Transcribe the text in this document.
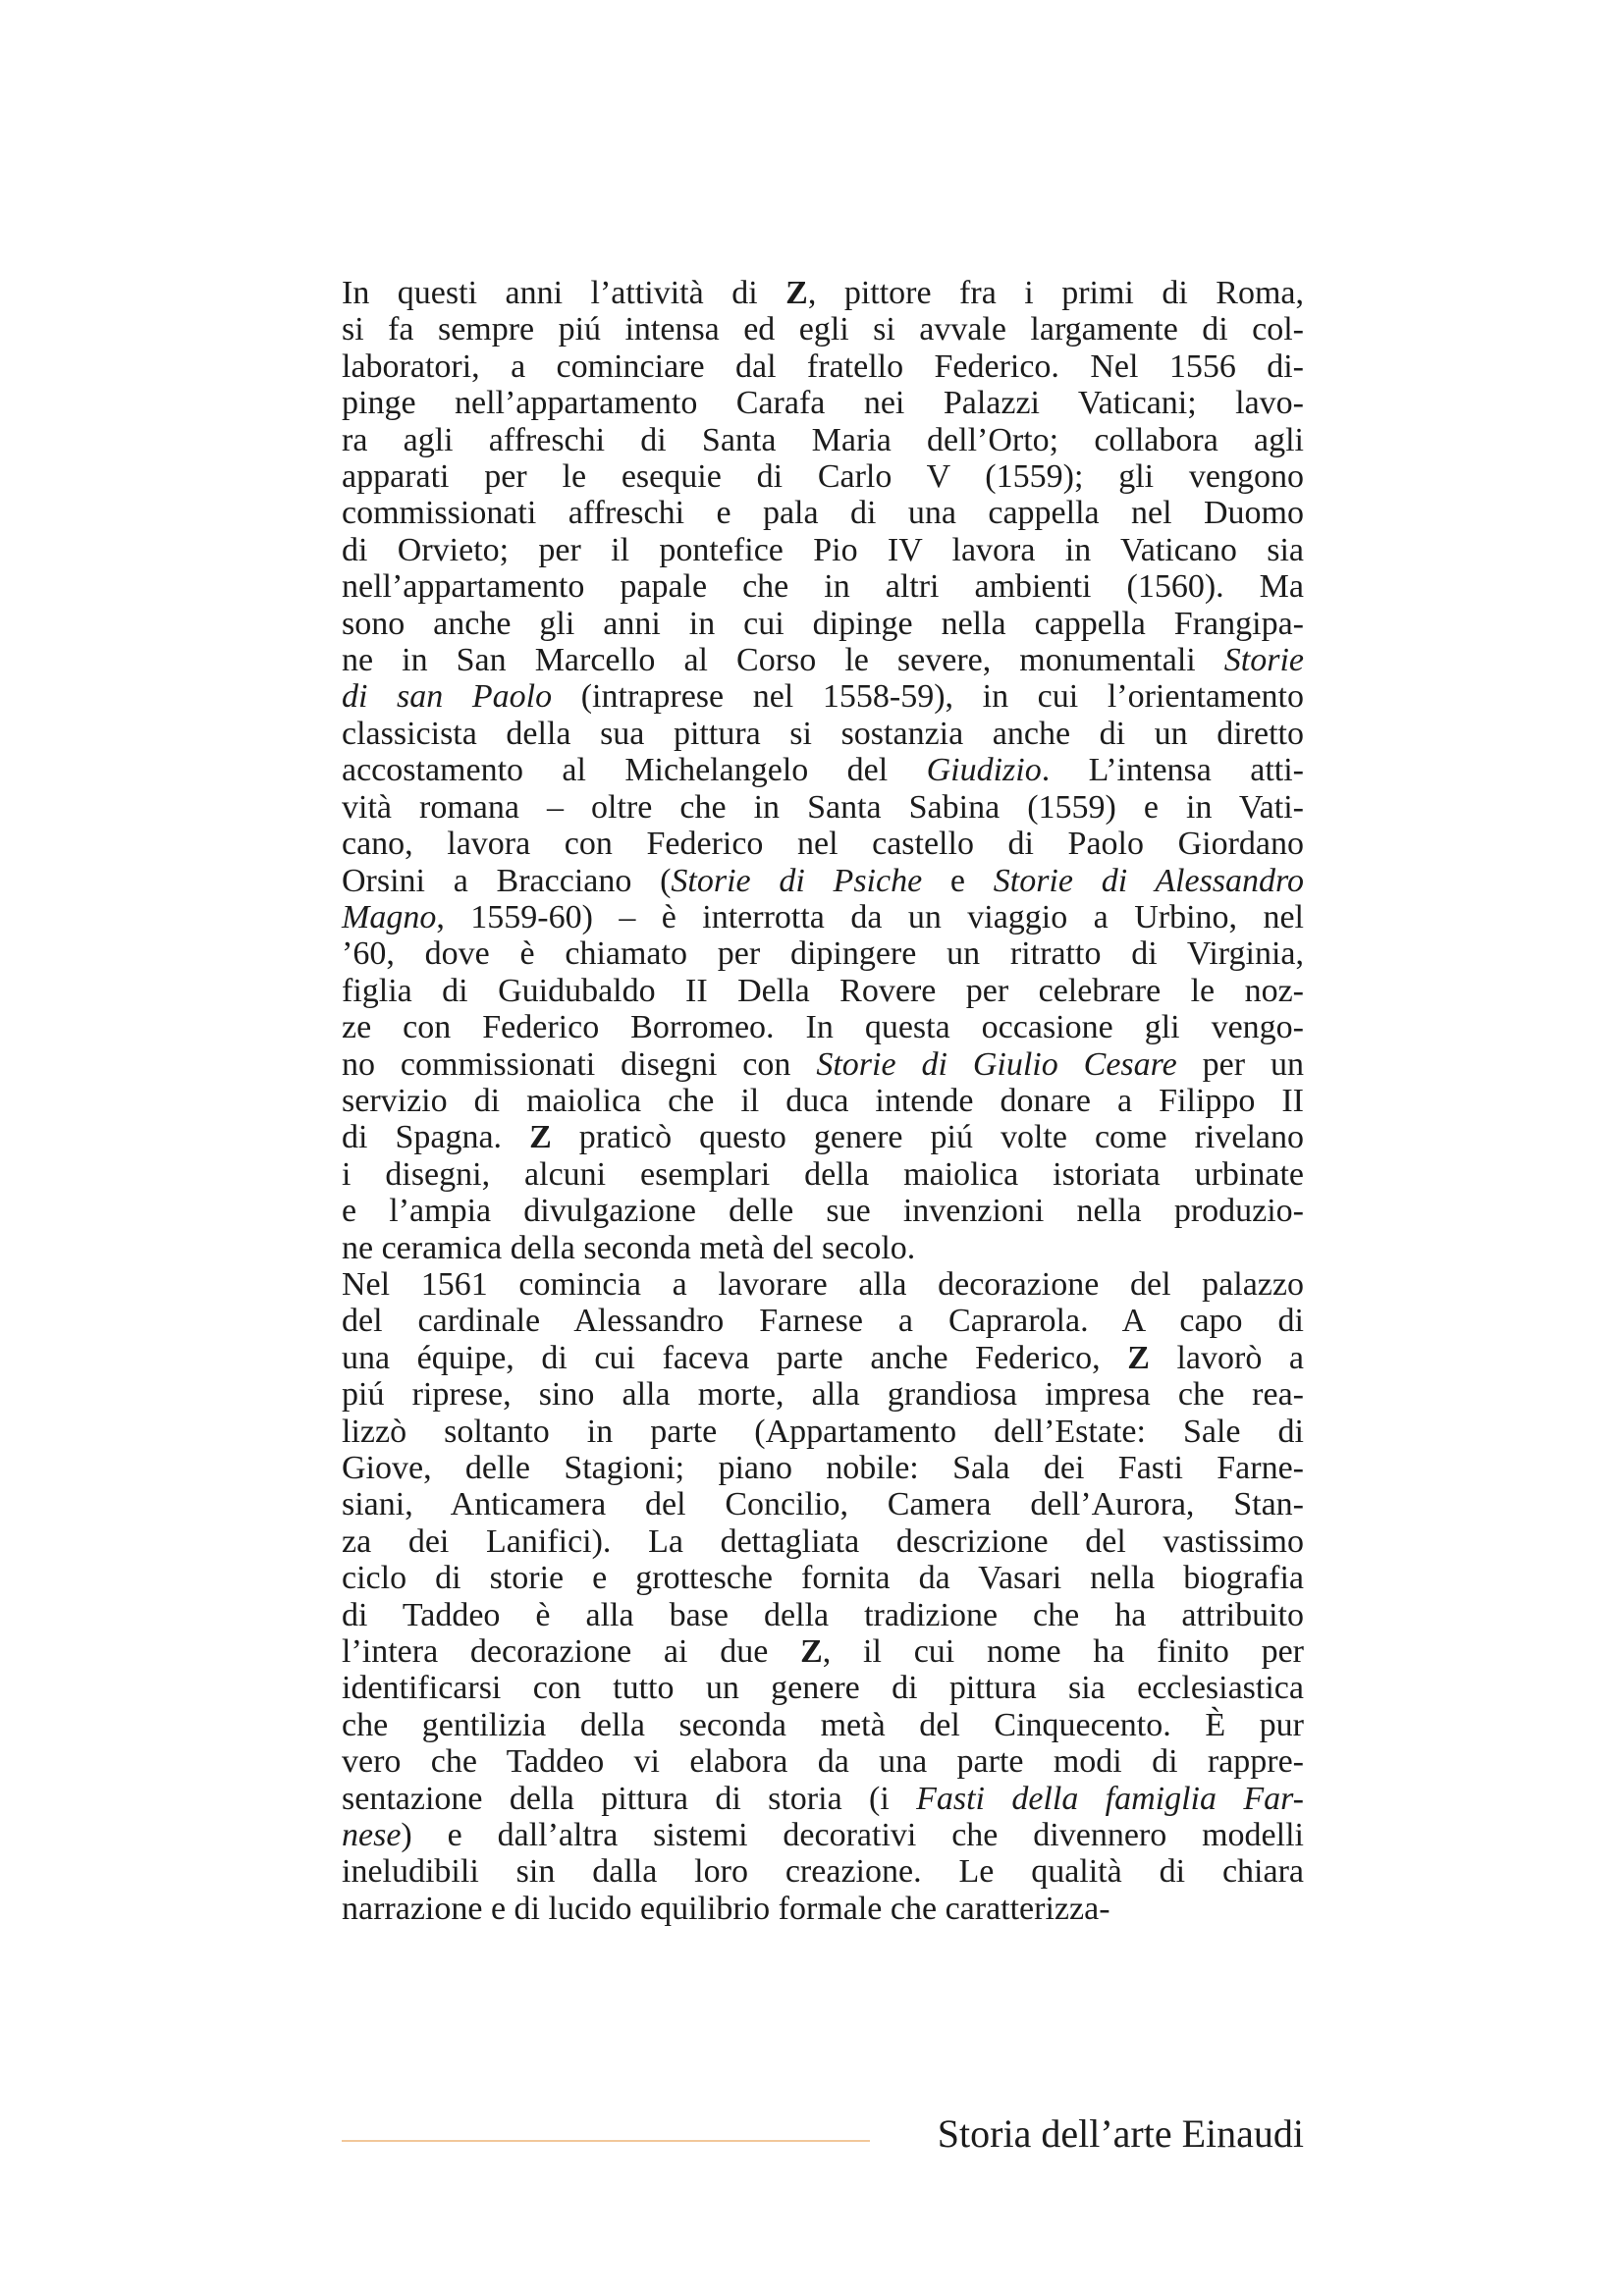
In questi anni l’attività di Z, pittore fra i primi di Roma,
si fa sempre piú intensa ed egli si avvale largamente di col-
laboratori, a cominciare dal fratello Federico. Nel 1556 di-
pinge nell’appartamento Carafa nei Palazzi Vaticani; lavo-
ra agli affreschi di Santa Maria dell’Orto; collabora agli
apparati per le esequie di Carlo V (1559); gli vengono
commissionati affreschi e pala di una cappella nel Duomo
di Orvieto; per il pontefice Pio IV lavora in Vaticano sia
nell’appartamento papale che in altri ambienti (1560). Ma
sono anche gli anni in cui dipinge nella cappella Frangipa-
ne in San Marcello al Corso le severe, monumentali Storie
di san Paolo (intraprese nel 1558-59), in cui l’orientamento
classicista della sua pittura si sostanzia anche di un diretto
accostamento al Michelangelo del Giudizio. L’intensa atti-
vità romana – oltre che in Santa Sabina (1559) e in Vati-
cano, lavora con Federico nel castello di Paolo Giordano
Orsini a Bracciano (Storie di Psiche e Storie di Alessandro
Magno, 1559-60) – è interrotta da un viaggio a Urbino, nel
’60, dove è chiamato per dipingere un ritratto di Virginia,
figlia di Guidubaldo II Della Rovere per celebrare le noz-
ze con Federico Borromeo. In questa occasione gli vengo-
no commissionati disegni con Storie di Giulio Cesare per un
servizio di maiolica che il duca intende donare a Filippo II
di Spagna. Z praticò questo genere piú volte come rivelano
i disegni, alcuni esemplari della maiolica istoriata urbinate
e l’ampia divulgazione delle sue invenzioni nella produzio-
ne ceramica della seconda metà del secolo.
Nel 1561 comincia a lavorare alla decorazione del palazzo
del cardinale Alessandro Farnese a Caprarola. A capo di
una équipe, di cui faceva parte anche Federico, Z lavorò a
piú riprese, sino alla morte, alla grandiosa impresa che rea-
lizzò soltanto in parte (Appartamento dell’Estate: Sale di
Giove, delle Stagioni; piano nobile: Sala dei Fasti Farne-
siani, Anticamera del Concilio, Camera dell’Aurora, Stan-
za dei Lanifici). La dettagliata descrizione del vastissimo
ciclo di storie e grottesche fornita da Vasari nella biografia
di Taddeo è alla base della tradizione che ha attribuito
l’intera decorazione ai due Z, il cui nome ha finito per
identificarsi con tutto un genere di pittura sia ecclesiastica
che gentilizia della seconda metà del Cinquecento. È pur
vero che Taddeo vi elabora da una parte modi di rappre-
sentazione della pittura di storia (i Fasti della famiglia Far-
nese) e dall’altra sistemi decorativi che divennero modelli
ineludibili sin dalla loro creazione. Le qualità di chiara
narrazione e di lucido equilibrio formale che caratterizza-
Storia dell’arte Einaudi
